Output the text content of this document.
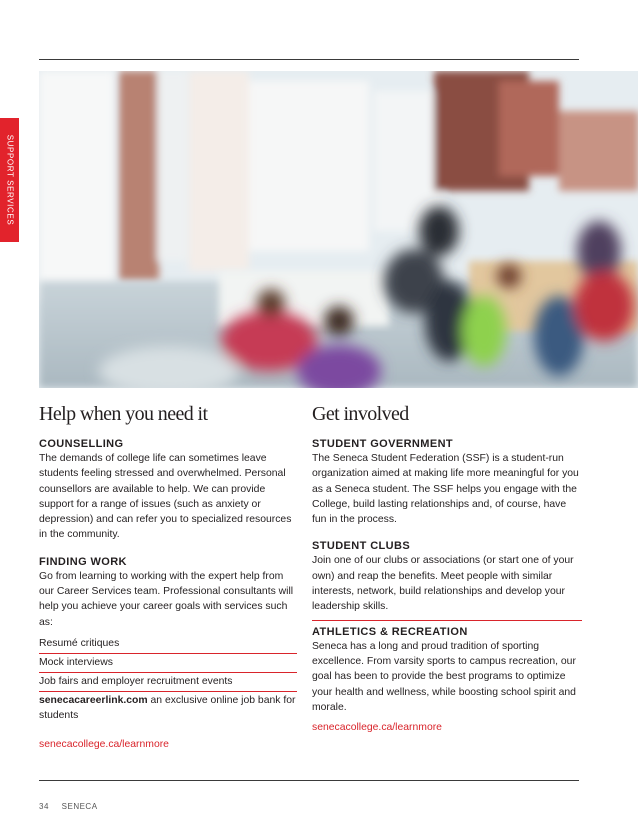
SUPPORT SERVICES
Help when you need it
COUNSELLING

The demands of college life can sometimes leave students feeling stressed and overwhelmed. Personal counsellors are available to help. We can provide support for a range of issues (such as anxiety or depression) and can refer you to specialized resources in the community.

FINDING WORK

Go from learning to working with the expert help from our Career Services team. Professional consultants will help you achieve your career goals with services such as:

Resumé critiques
Mock interviews
Job fairs and employer recruitment events
senecacareerlink.com an exclusive online job bank for students
senecacollege.ca/learnmore
Get involved
STUDENT GOVERNMENT

The Seneca Student Federation (SSF) is a student-run organization aimed at making life more meaningful for you as a Seneca student. The SSF helps you engage with the College, build lasting relationships and, of course, have fun in the process.

STUDENT CLUBS

Join one of our clubs or associations (or start one of your own) and reap the benefits. Meet people with similar interests, network, build relationships and develop your leadership skills.

ATHLETICS & RECREATION

Seneca has a long and proud tradition of sporting excellence. From varsity sports to campus recreation, our goal has been to provide the best programs to optimize your health and wellness, while boosting school spirit and morale.

senecacollege.ca/learnmore
34 SENECA
